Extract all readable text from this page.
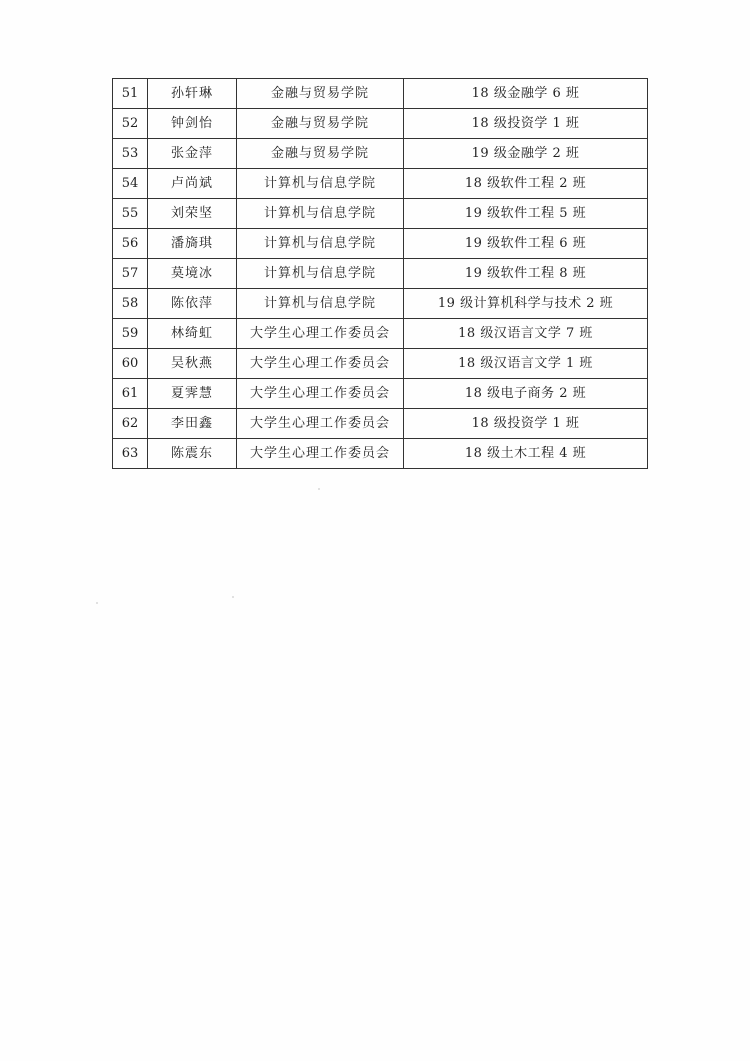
51	孙轩琳	金融与贸易学院	18 级金融学 6 班
52	钟剑怡	金融与贸易学院	18 级投资学 1 班
53	张金萍	金融与贸易学院	19 级金融学 2 班
54	卢尚斌	计算机与信息学院	18 级软件工程 2 班
55	刘荣坚	计算机与信息学院	19 级软件工程 5 班
56	潘旖琪	计算机与信息学院	19 级软件工程 6 班
57	莫境冰	计算机与信息学院	19 级软件工程 8 班
58	陈依萍	计算机与信息学院	19 级计算机科学与技术 2 班
59	林绮虹	大学生心理工作委员会	18 级汉语言文学 7 班
60	吴秋燕	大学生心理工作委员会	18 级汉语言文学 1 班
61	夏霁慧	大学生心理工作委员会	18 级电子商务 2 班
62	李田鑫	大学生心理工作委员会	18 级投资学 1 班
63	陈震东	大学生心理工作委员会	18 级土木工程 4 班
